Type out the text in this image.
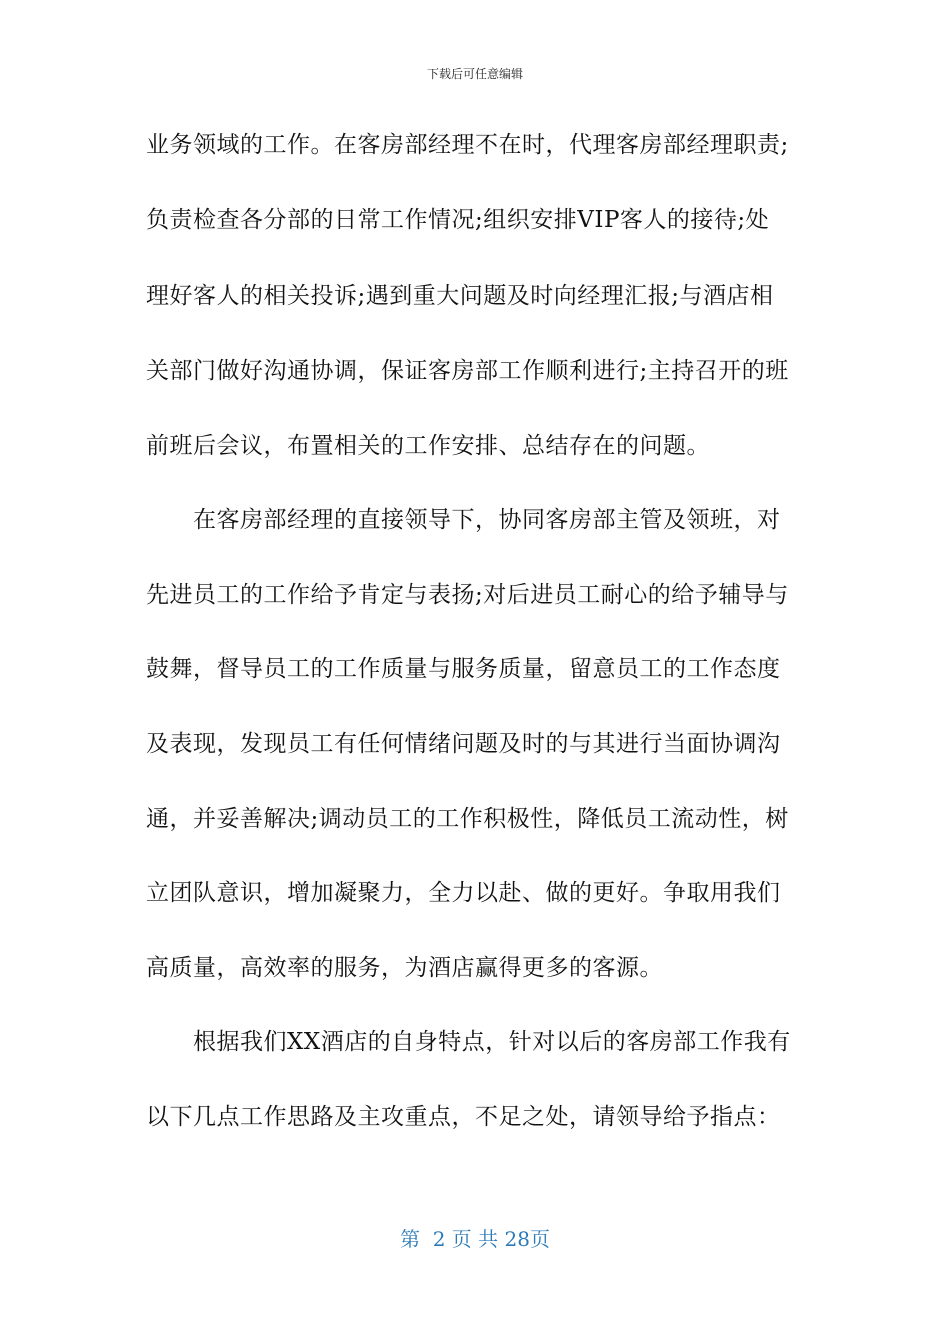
下载后可任意编辑
业务领域的工作。在客房部经理不在时，代理客房部经理职责;
负责检查各分部的日常工作情况;组织安排VIP客人的接待;处
理好客人的相关投诉;遇到重大问题及时向经理汇报;与酒店相
关部门做好沟通协调，保证客房部工作顺利进行;主持召开的班
前班后会议，布置相关的工作安排、总结存在的问题。
在客房部经理的直接领导下，协同客房部主管及领班，对
先进员工的工作给予肯定与表扬;对后进员工耐心的给予辅导与
鼓舞，督导员工的工作质量与服务质量，留意员工的工作态度
及表现，发现员工有任何情绪问题及时的与其进行当面协调沟
通，并妥善解决;调动员工的工作积极性，降低员工流动性，树
立团队意识，增加凝聚力，全力以赴、做的更好。争取用我们
高质量，高效率的服务，为酒店赢得更多的客源。
根据我们XX酒店的自身特点，针对以后的客房部工作我有
以下几点工作思路及主攻重点，不足之处，请领导给予指点：
第  2 页 共 28页
